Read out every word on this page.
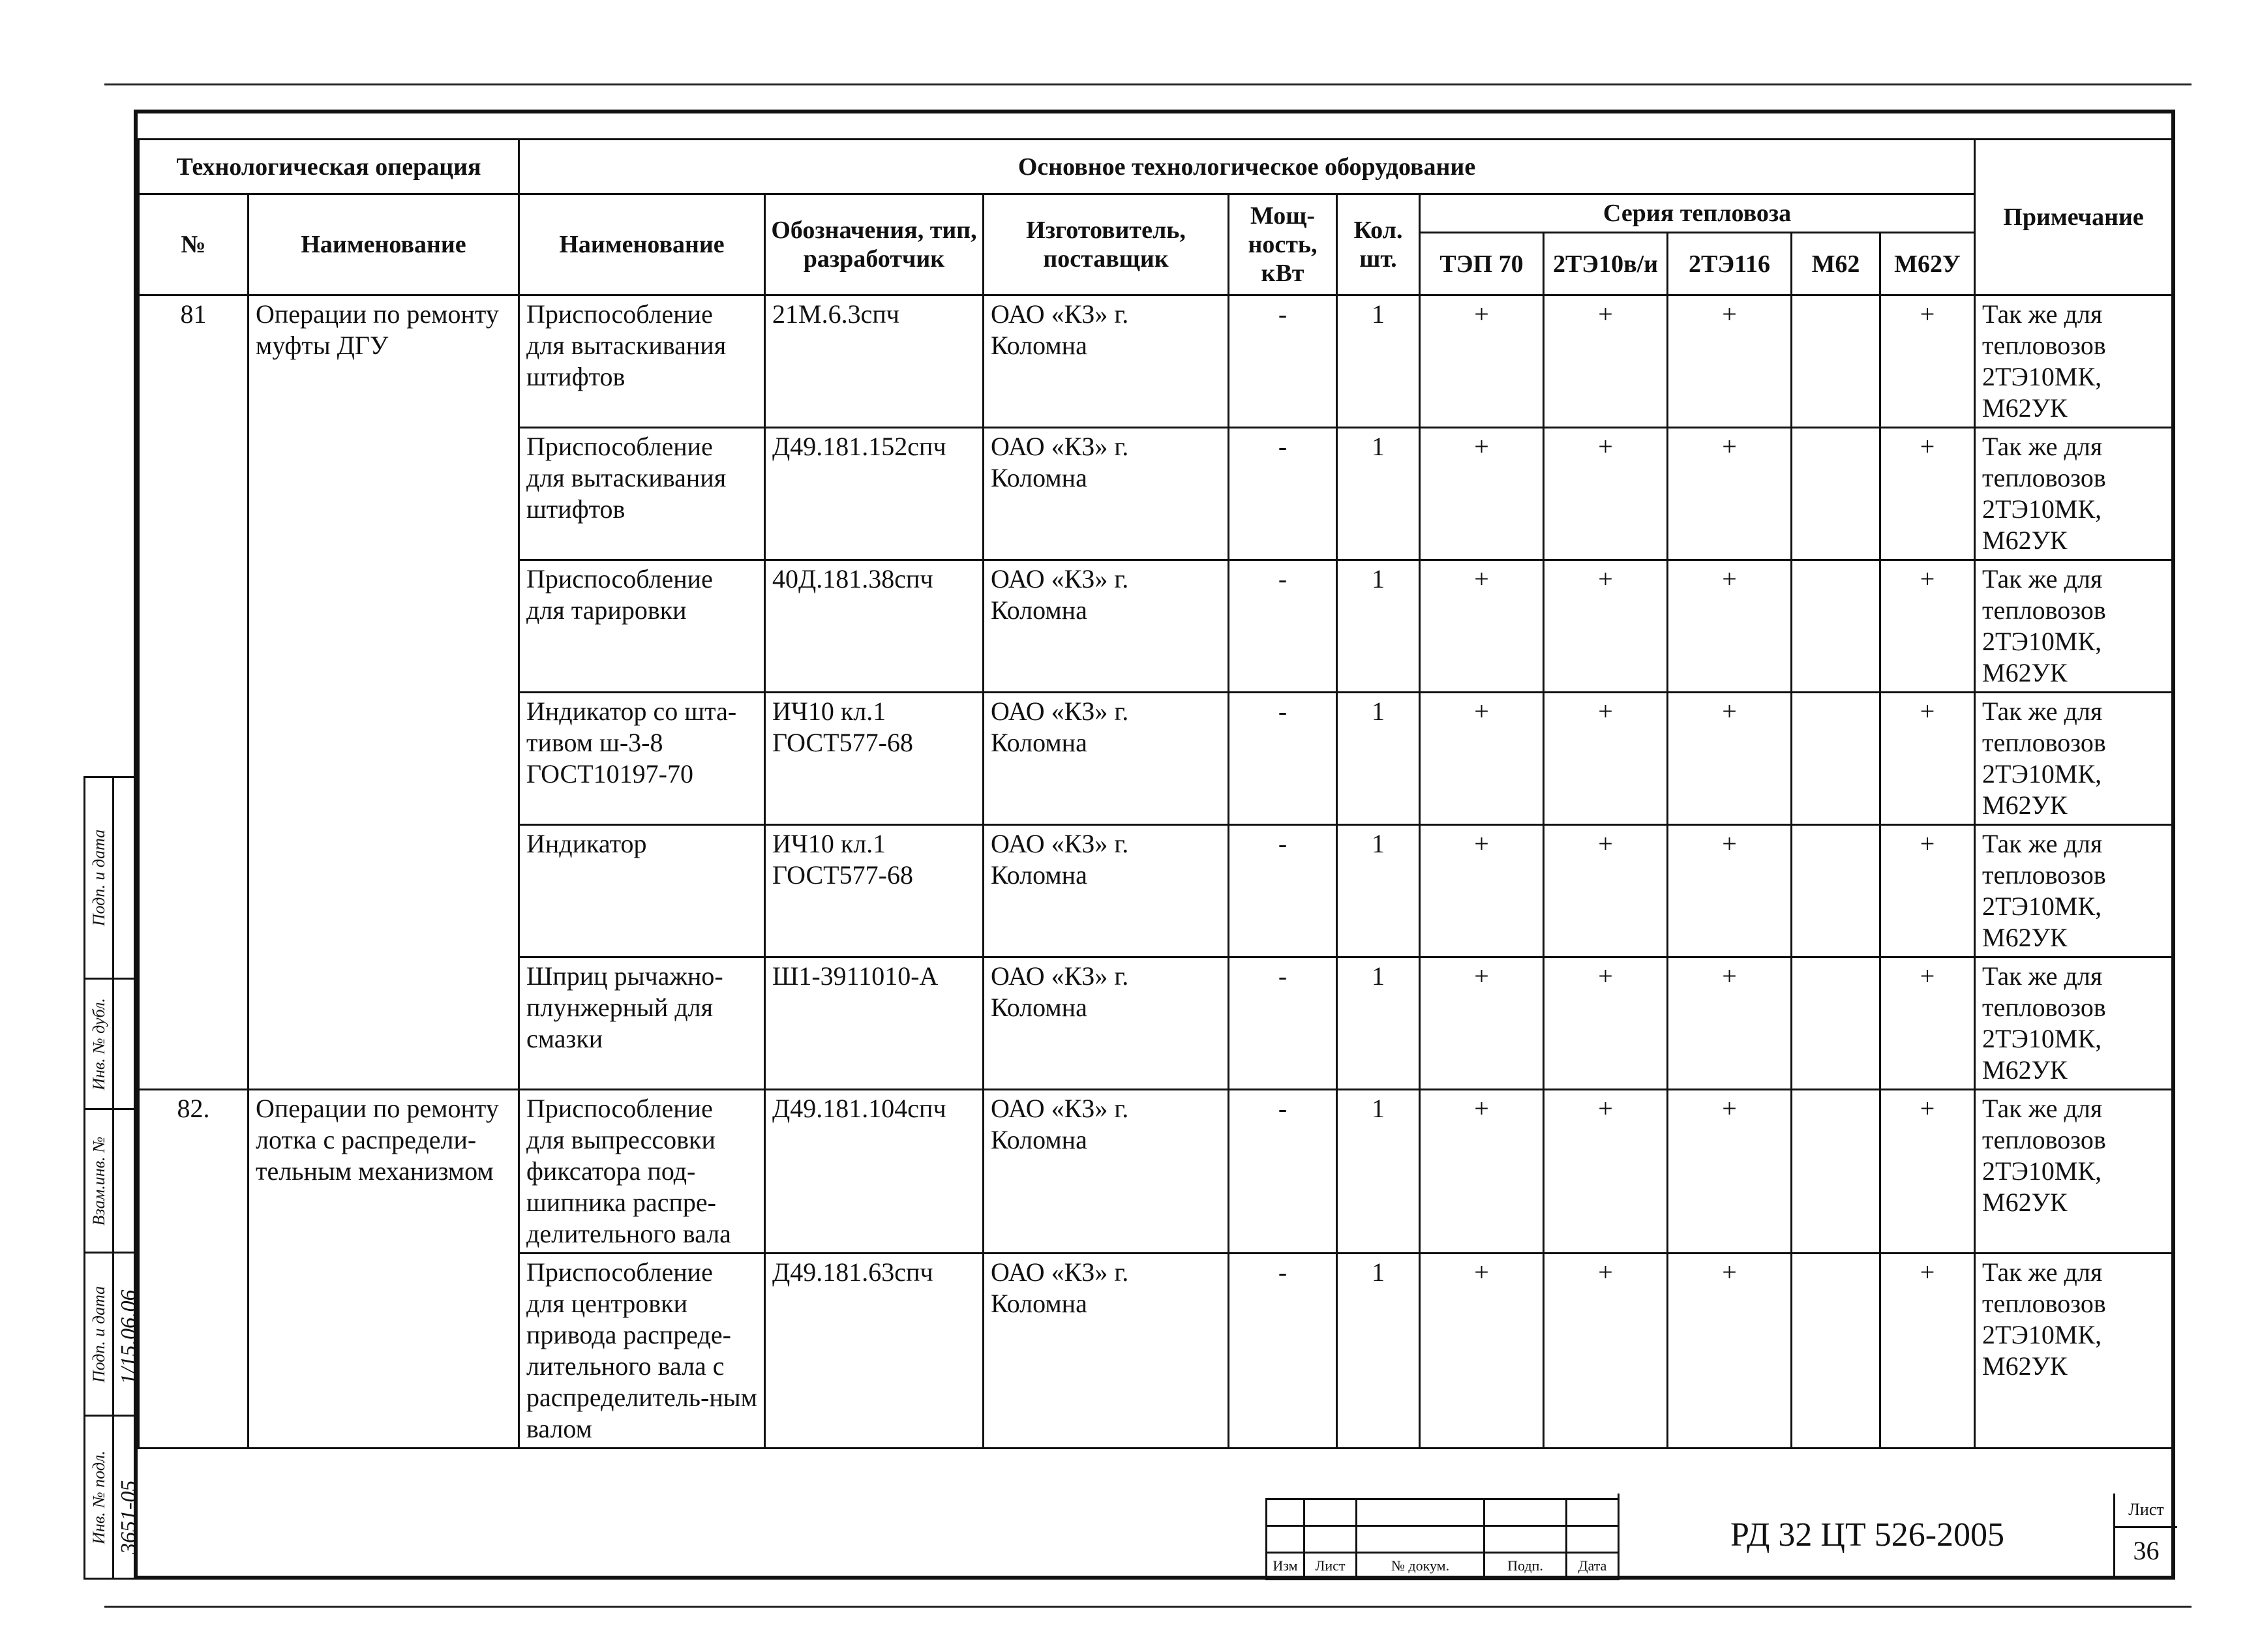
Технологическая операция		Основное технологическое оборудование										Примечание
№	Наименование	Наименование	Обозначения, тип, разработчик	Изготовитель, поставщик	Мощ-ность, кВт	Кол. шт.	Серия тепловоза					
							ТЭП 70	2ТЭ10в/и	2ТЭ116	М62	М62У	
81	Операции по ремонту муфты ДГУ	Приспособление для вытаскивания штифтов	21М.6.3спч	ОАО «КЗ» г. Коломна	-	1	+	+	+		+	Так же для тепловозов 2ТЭ10МК, М62УК
		Приспособление для вытаскивания штифтов	Д49.181.152спч	ОАО «КЗ» г. Коломна	-	1	+	+	+		+	Так же для тепловозов 2ТЭ10МК, М62УК
		Приспособление для тарировки	40Д.181.38спч	ОАО «КЗ» г. Коломна	-	1	+	+	+		+	Так же для тепловозов 2ТЭ10МК, М62УК
		Индикатор со шта-тивом ш-3-8 ГОСТ10197-70	ИЧ10 кл.1 ГОСТ577-68	ОАО «КЗ» г. Коломна	-	1	+	+	+		+	Так же для тепловозов 2ТЭ10МК, М62УК
		Индикатор	ИЧ10 кл.1 ГОСТ577-68	ОАО «КЗ» г. Коломна	-	1	+	+	+		+	Так же для тепловозов 2ТЭ10МК, М62УК
		Шприц рычажно-плунжерный для смазки	Ш1-3911010-А	ОАО «КЗ» г. Коломна	-	1	+	+	+		+	Так же для тепловозов 2ТЭ10МК, М62УК
82.	Операции по ремонту лотка с распредели-тельным механизмом	Приспособление для выпрессовки фиксатора под-шипника распре-делительного вала	Д49.181.104спч	ОАО «КЗ» г. Коломна	-	1	+	+	+		+	Так же для тепловозов 2ТЭ10МК, М62УК
		Приспособление для центровки привода распреде-лительного вала с распределитель-ным валом	Д49.181.63спч	ОАО «КЗ» г. Коломна	-	1	+	+	+		+	Так же для тепловозов 2ТЭ10МК, М62УК
Подп. и дата
Инв. № дубл.
Взам.инв. №
Подп. и дата 1/15.06.06
Инв. № подл. 3651-05

Изм	Лист	№ докум.	Подп.	Дата
РД 32 ЦТ 526-2005
Лист
36
